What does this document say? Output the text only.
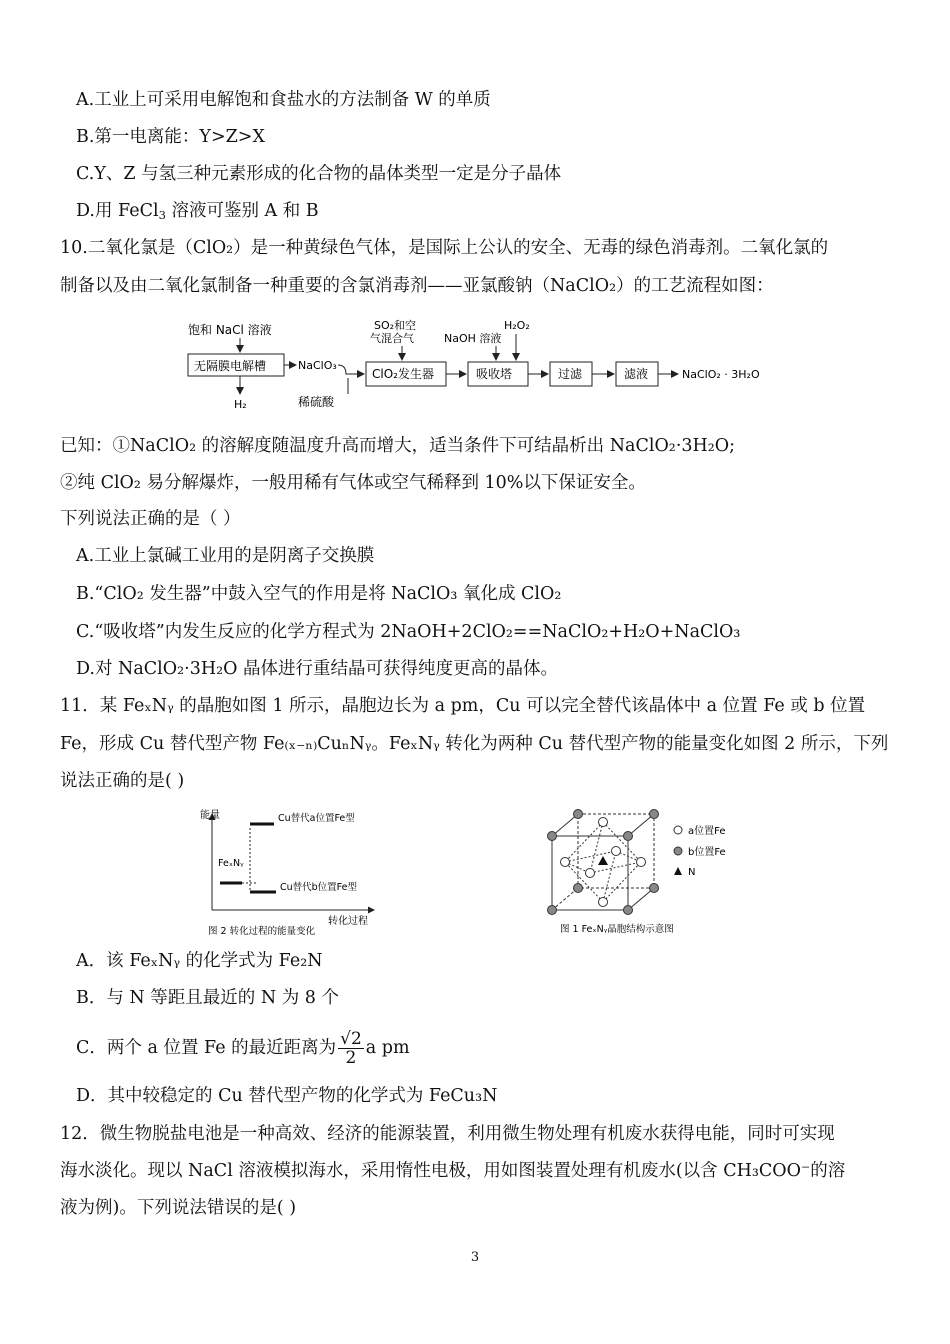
A.工业上可采用电解饱和食盐水的方法制备 W 的单质
B.第一电离能：Y>Z>X
C.Y、Z 与氢三种元素形成的化合物的晶体类型一定是分子晶体
D.用 FeCl$_3$ 溶液可鉴别 A 和 B
10.二氧化氯是（ClO₂）是一种黄绿色气体，是国际上公认的安全、无毒的绿色消毒剂。二氧化氯的
制备以及由二氧化氯制备一种重要的含氯消毒剂——亚氯酸钠（NaClO₂）的工艺流程如图：
饱和 NaCl 溶液
无隔膜电解槽
H₂
NaClO₃
稀硫酸
SO₂和空
气混合气
ClO₂发生器
NaOH 溶液
H₂O₂
吸收塔	过滤	滤液	NaClO₂ · 3H₂O
已知：①NaClO₂ 的溶解度随温度升高而增大，适当条件下可结晶析出 NaClO₂·3H₂O;
②纯 ClO₂ 易分解爆炸，一般用稀有气体或空气稀释到 10%以下保证安全。
下列说法正确的是（ ）
A.工业上氯碱工业用的是阴离子交换膜
B.“ClO₂ 发生器”中鼓入空气的作用是将 NaClO₃ 氧化成 ClO₂
C.“吸收塔”内发生反应的化学方程式为 2NaOH+2ClO₂==NaClO₂+H₂O+NaClO₃
D.对 NaClO₂·3H₂O 晶体进行重结晶可获得纯度更高的晶体。
11．某 FeₓNᵧ 的晶胞如图 1 所示，晶胞边长为 a pm，Cu 可以完全替代该晶体中 a 位置 Fe 或 b 位置
Fe，形成 Cu 替代型产物 Fe₍ₓ₋ₙ₎CuₙNᵧ。FeₓNᵧ 转化为两种 Cu 替代型产物的能量变化如图 2 所示，下列
说法正确的是( )
能量
转化过程
Cu替代a位置Fe型
FeₓNᵧ
Cu替代b位置Fe型
图 2 转化过程的能量变化
a位置Fe
b位置Fe
N
图 1 FeₓNᵧ晶胞结构示意图
A．该 FeₓNᵧ 的化学式为 Fe₂N
B．与 N 等距且最近的 N 为 8 个
C．两个 a 位置 Fe 的最近距离为 $\frac{√2}{2}$ a pm
D．其中较稳定的 Cu 替代型产物的化学式为 FeCu₃N
12．微生物脱盐电池是一种高效、经济的能源装置，利用微生物处理有机废水获得电能，同时可实现
海水淡化。现以 NaCl 溶液模拟海水，采用惰性电极，用如图装置处理有机废水(以含 CH₃COO⁻的溶
液为例)。下列说法错误的是( )
3
